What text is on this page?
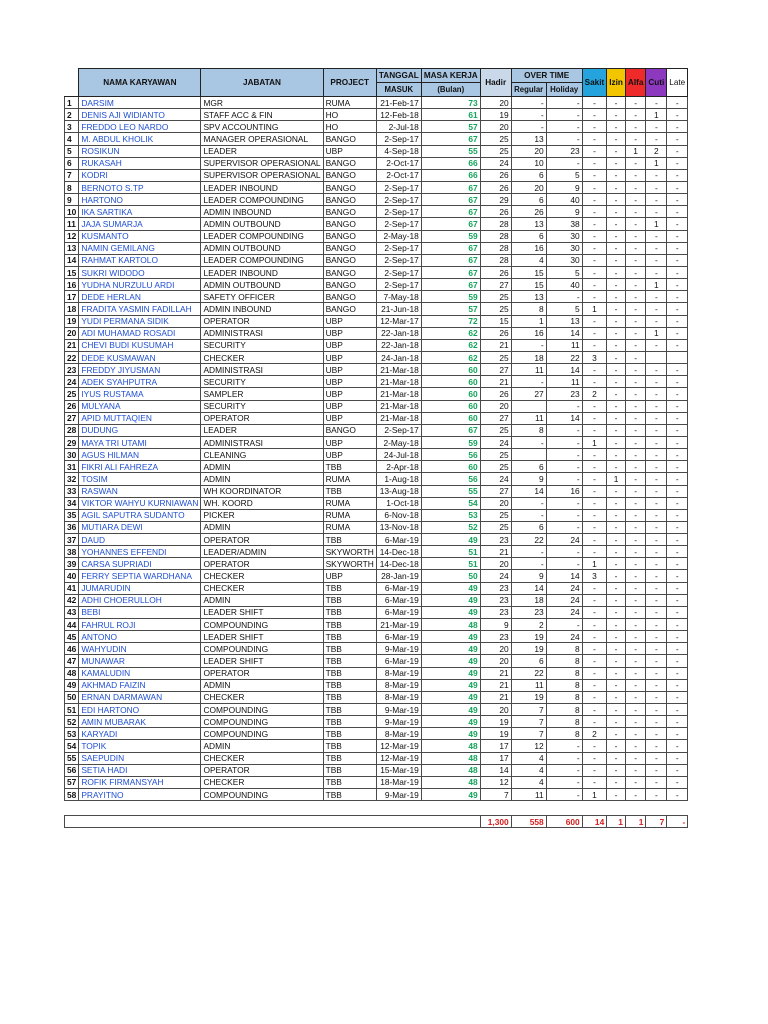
	NAMA KARYAWAN	JABATAN	PROJECT	TANGGAL	MASA KERJA	Hadir	OVER TIME		Sakit	Izin	Alfa	Cuti	Late
				MASUK	(Bulan)		Regular	Holiday					
1	DARSIM	MGR	RUMA	21-Feb-17	73	20	-	-	-	-	-	-	-
2	DENIS AJI WIDIANTO	STAFF ACC & FIN	HO	12-Feb-18	61	19	-	-	-	-	-	1	-
3	FREDDO LEO NARDO	SPV ACCOUNTING	HO	2-Jul-18	57	20	-	-	-	-	-	-	-
4	M. ABDUL KHOLIK	MANAGER OPERASIONAL	BANGO	2-Sep-17	67	25	13	-	-	-	-	-	-
5	ROSIKUN	LEADER	UBP	4-Sep-18	55	25	20	23	-	-	1	2	-
6	RUKASAH	SUPERVISOR OPERASIONAL	BANGO	2-Oct-17	66	24	10	-	-	-	-	1	-
7	KODRI	SUPERVISOR OPERASIONAL	BANGO	2-Oct-17	66	26	6	5	-	-	-	-	-
8	BERNOTO S.TP	LEADER INBOUND	BANGO	2-Sep-17	67	26	20	9	-	-	-	-	-
9	HARTONO	LEADER COMPOUNDING	BANGO	2-Sep-17	67	29	6	40	-	-	-	-	-
10	IKA SARTIKA	ADMIN INBOUND	BANGO	2-Sep-17	67	26	26	9	-	-	-	-	-
11	JAJA SUMARJA	ADMIN OUTBOUND	BANGO	2-Sep-17	67	28	13	38	-	-	-	1	-
12	KUSMANTO	LEADER COMPOUNDING	BANGO	2-May-18	59	28	6	30	-	-	-	-	-
13	NAMIN GEMILANG	ADMIN OUTBOUND	BANGO	2-Sep-17	67	28	16	30	-	-	-	-	-
14	RAHMAT KARTOLO	LEADER COMPOUNDING	BANGO	2-Sep-17	67	28	4	30	-	-	-	-	-
15	SUKRI WIDODO	LEADER INBOUND	BANGO	2-Sep-17	67	26	15	5	-	-	-	-	-
16	YUDHA NURZULU ARDI	ADMIN OUTBOUND	BANGO	2-Sep-17	67	27	15	40	-	-	-	1	-
17	DEDE HERLAN	SAFETY OFFICER	BANGO	7-May-18	59	25	13	-	-	-	-	-	-
18	FRADITA YASMIN FADILLAH	ADMIN INBOUND	BANGO	21-Jun-18	57	25	8	5	1	-	-	-	-
19	YUDI PERMANA SIDIK	OPERATOR	UBP	12-Mar-17	72	15	1	13	-	-	-	-	-
20	ADI MUHAMAD ROSADI	ADMINISTRASI	UBP	22-Jan-18	62	26	16	14	-	-	-	1	-
21	CHEVI BUDI KUSUMAH	SECURITY	UBP	22-Jan-18	62	21	-	11	-	-	-	-	-
22	DEDE KUSMAWAN	CHECKER	UBP	24-Jan-18	62	25	18	22	3	-	-		
23	FREDDY JIYUSMAN	ADMINISTRASI	UBP	21-Mar-18	60	27	11	14	-	-	-	-	-
24	ADEK SYAHPUTRA	SECURITY	UBP	21-Mar-18	60	21	-	11	-	-	-	-	-
25	IYUS RUSTAMA	SAMPLER	UBP	21-Mar-18	60	26	27	23	2	-	-	-	-
26	MULYANA	SECURITY	UBP	21-Mar-18	60	20		-	-	-	-	-	-
27	APID MUTTAQIEN	OPERATOR	UBP	21-Mar-18	60	27	11	14	-	-	-	-	-
28	DUDUNG	LEADER	BANGO	2-Sep-17	67	25	8	-	-	-	-	-	-
29	MAYA TRI UTAMI	ADMINISTRASI	UBP	2-May-18	59	24	-	-	1	-	-	-	-
30	AGUS HILMAN	CLEANING	UBP	24-Jul-18	56	25		-	-	-	-	-	-
31	FIKRI ALI FAHREZA	ADMIN	TBB	2-Apr-18	60	25	6	-	-	-	-	-	-
32	TOSIM	ADMIN	RUMA	1-Aug-18	56	24	9	-	-	1	-	-	-
33	RASWAN	WH KOORDINATOR	TBB	13-Aug-18	55	27	14	16	-	-	-	-	-
34	VIKTOR WAHYU KURNIAWAN	WH. KOORD	RUMA	1-Oct-18	54	20	-	-	-	-	-	-	-
35	AGIL SAPUTRA SUDANTO	PICKER	RUMA	6-Nov-18	53	25	-	-	-	-	-	-	-
36	MUTIARA DEWI	ADMIN	RUMA	13-Nov-18	52	25	6	-	-	-	-	-	-
37	DAUD	OPERATOR	TBB	6-Mar-19	49	23	22	24	-	-	-	-	-
38	YOHANNES EFFENDI	LEADER/ADMIN	SKYWORTH	14-Dec-18	51	21	-	-	-	-	-	-	-
39	CARSA SUPRIADI	OPERATOR	SKYWORTH	14-Dec-18	51	20	-	-	1	-	-	-	-
40	FERRY SEPTIA WARDHANA	CHECKER	UBP	28-Jan-19	50	24	9	14	3	-	-	-	-
41	JUMARUDIN	CHECKER	TBB	6-Mar-19	49	23	14	24	-	-	-	-	-
42	ADHI CHOERULLOH	ADMIN	TBB	6-Mar-19	49	23	18	24	-	-	-	-	-
43	BEBI	LEADER SHIFT	TBB	6-Mar-19	49	23	23	24	-	-	-	-	-
44	FAHRUL ROJI	COMPOUNDING	TBB	21-Mar-19	48	9	2	-	-	-	-	-	-
45	ANTONO	LEADER SHIFT	TBB	6-Mar-19	49	23	19	24	-	-	-	-	-
46	WAHYUDIN	COMPOUNDING	TBB	9-Mar-19	49	20	19	8	-	-	-	-	-
47	MUNAWAR	LEADER SHIFT	TBB	6-Mar-19	49	20	6	8	-	-	-	-	-
48	KAMALUDIN	OPERATOR	TBB	8-Mar-19	49	21	22	8	-	-	-	-	-
49	AKHMAD FAIZIN	ADMIN	TBB	8-Mar-19	49	21	11	8	-	-	-	-	-
50	ERNAN DARMAWAN	CHECKER	TBB	8-Mar-19	49	21	19	8	-	-	-	-	-
51	EDI HARTONO	COMPOUNDING	TBB	9-Mar-19	49	20	7	8	-	-	-	-	-
52	AMIN MUBARAK	COMPOUNDING	TBB	9-Mar-19	49	19	7	8	-	-	-	-	-
53	KARYADI	COMPOUNDING	TBB	8-Mar-19	49	19	7	8	2	-	-	-	-
54	TOPIK	ADMIN	TBB	12-Mar-19	48	17	12	-	-	-	-	-	-
55	SAEPUDIN	CHECKER	TBB	12-Mar-19	48	17	4	-	-	-	-	-	-
56	SETIA HADI	OPERATOR	TBB	15-Mar-19	48	14	4	-	-	-	-	-	-
57	ROFIK FIRMANSYAH	CHECKER	TBB	18-Mar-19	48	12	4	-	-	-	-	-	-
58	PRAYITNO	COMPOUNDING	TBB	9-Mar-19	49	7	11	-	1	-	-	-	-

						1,300	558	600	14	1	1	7	-
